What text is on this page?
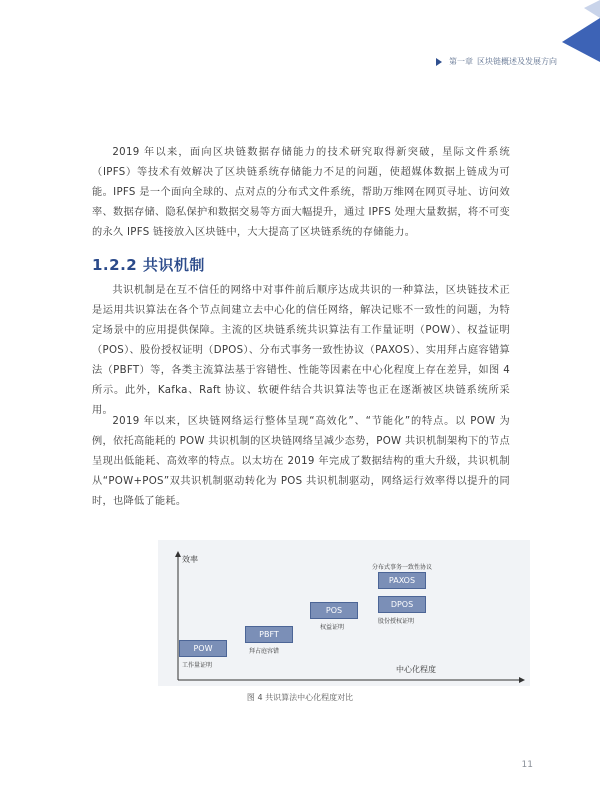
第一章 区块链概述及发展方向

2019 年以来，面向区块链数据存储能力的技术研究取得新突破，星际文件系统（IPFS）等技术有效解决了区块链系统存储能力不足的问题，使超媒体数据上链成为可能。IPFS 是一个面向全球的、点对点的分布式文件系统，帮助万维网在网页寻址、访问效率、数据存储、隐私保护和数据交易等方面大幅提升，通过 IPFS 处理大量数据，将不可变的永久 IPFS 链接放入区块链中，大大提高了区块链系统的存储能力。

1.2.2 共识机制

共识机制是在互不信任的网络中对事件前后顺序达成共识的一种算法，区块链技术正是运用共识算法在各个节点间建立去中心化的信任网络，解决记账不一致性的问题，为特定场景中的应用提供保障。主流的区块链系统共识算法有工作量证明（POW）、权益证明（POS）、股份授权证明（DPOS）、分布式事务一致性协议（PAXOS）、实用拜占庭容错算法（PBFT）等，各类主流算法基于容错性、性能等因素在中心化程度上存在差异，如图 4 所示。此外，Kafka、Raft 协议、软硬件结合共识算法等也正在逐渐被区块链系统所采用。

2019 年以来，区块链网络运行整体呈现“高效化”、“节能化”的特点。以 POW 为例，依托高能耗的 POW 共识机制的区块链网络呈减少态势，POW 共识机制架构下的节点呈现出低能耗、高效率的特点。以太坊在 2019 年完成了数据结构的重大升级，共识机制从“POW+POS”双共识机制驱动转化为 POS 共识机制驱动，网络运行效率得以提升的同时，也降低了能耗。

效率
中心化程度
POW
工作量证明
PBFT
拜占庭容错
POS
权益证明
分布式事务一致性协议
PAXOS
DPOS
股份授权证明
图 4 共识算法中心化程度对比
11
